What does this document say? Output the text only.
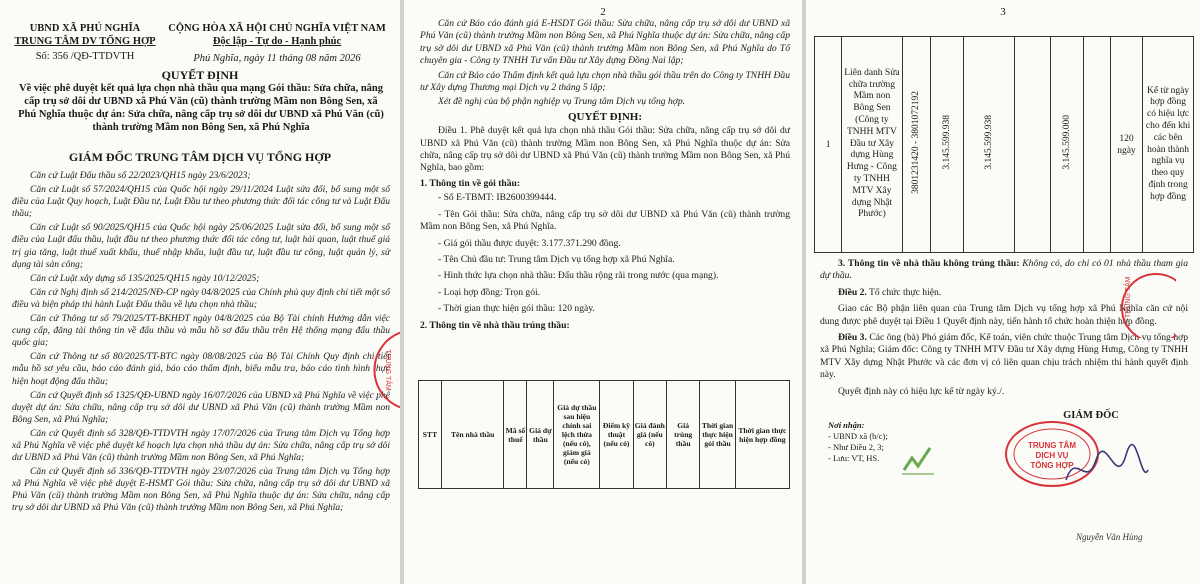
UBND XÃ PHÚ NGHĨA
TRUNG TÂM DV TỔNG HỢP
Số: 356 /QĐ-TTDVTH
CỘNG HÒA XÃ HỘI CHỦ NGHĨA VIỆT NAM
Độc lập - Tự do - Hạnh phúc
Phú Nghĩa, ngày 11 tháng 08 năm 2026
QUYẾT ĐỊNH
Về việc phê duyệt kết quả lựa chọn nhà thầu qua mạng Gói thầu: Sửa chữa, nâng cấp trụ sở dôi dư UBND xã Phú Văn (cũ) thành trường Mầm non Bông Sen, xã Phú Nghĩa thuộc dự án: Sửa chữa, nâng cấp trụ sở dôi dư UBND xã Phú Văn (cũ) thành trường Mầm non Bông Sen, xã Phú Nghĩa
GIÁM ĐỐC TRUNG TÂM DỊCH VỤ TỔNG HỢP

Căn cứ Luật Đấu thầu số 22/2023/QH15 ngày 23/6/2023;

Căn cứ Luật số 57/2024/QH15 của Quốc hội ngày 29/11/2024 Luật sửa đổi, bổ sung một số điều của Luật Quy hoạch, Luật Đầu tư, Luật Đầu tư theo phương thức đối tác công tư và Luật Đấu thầu;

Căn cứ Luật số 90/2025/QH15 của Quốc hội ngày 25/06/2025 Luật sửa đổi, bổ sung một số điều của Luật đấu thầu, luật đầu tư theo phương thức đối tác công tư, luật hải quan, luật thuế giá trị gia tăng, luật thuế xuất khẩu, thuế nhập khẩu, luật đầu tư, luật đầu tư công, luật quản lý, sử dụng tài sản công;

Căn cứ Luật xây dựng số 135/2025/QH15 ngày 10/12/2025;

Căn cứ Nghị định số 214/2025/NĐ-CP ngày 04/8/2025 của Chính phủ quy định chi tiết một số điều và biện pháp thi hành Luật Đấu thầu về lựa chọn nhà thầu;

Căn cứ Thông tư số 79/2025/TT-BKHĐT ngày 04/8/2025 của Bộ Tài chính Hướng dẫn việc cung cấp, đăng tải thông tin về đấu thầu và mẫu hồ sơ đấu thầu trên Hệ thống mạng đấu thầu quốc gia;

Căn cứ Thông tư số 80/2025/TT-BTC ngày 08/08/2025 của Bộ Tài Chính Quy định chi tiết mẫu hồ sơ yêu cầu, báo cáo đánh giá, báo cáo thẩm định, biểu mẫu tra, báo cáo tình hình thực hiện hoạt động đấu thầu;

Căn cứ Quyết định số 1325/QĐ-UBND ngày 16/07/2026 của UBND xã Phú Nghĩa về việc phê duyệt dự án: Sửa chữa, nâng cấp trụ sở dôi dư UBND xã Phú Văn (cũ) thành trường Mầm non Bông Sen, xã Phú Nghĩa;

Căn cứ Quyết định số 328/QĐ-TTDVTH ngày 17/07/2026 của Trung tâm Dịch vụ Tổng hợp xã Phú Nghĩa về việc phê duyệt kế hoạch lựa chọn nhà thầu dự án: Sửa chữa, nâng cấp trụ sở dôi dư UBND xã Phú Văn (cũ) thành trường Mầm non Bông Sen, xã Phú Nghĩa;

Căn cứ Quyết định số 336/QĐ-TTDVTH ngày 23/07/2026 của Trung tâm Dịch vụ Tổng hợp xã Phú Nghĩa về việc phê duyệt E-HSMT Gói thầu: Sửa chữa, nâng cấp trụ sở dôi dư UBND xã Phú Văn (cũ) thành trường Mầm non Bông Sen, xã Phú Nghĩa thuộc dự án: Sửa chữa, nâng cấp trụ sở dôi dư UBND xã Phú Văn (cũ) thành trường Mầm non Bông Sen, xã Phú Nghĩa;

TRUNG TÂM
2

Căn cứ Báo cáo đánh giá E-HSDT Gói thầu: Sửa chữa, nâng cấp trụ sở dôi dư UBND xã Phú Văn (cũ) thành trường Mầm non Bông Sen, xã Phú Nghĩa thuộc dự án: Sửa chữa, nâng cấp trụ sở dôi dư UBND xã Phú Văn (cũ) thành trường Mầm non Bông Sen, xã Phú Nghĩa do Tổ chuyên gia - Công ty TNHH Tư vấn Đầu tư Xây dựng Đồng Nai lập;

Căn cứ Báo cáo Thẩm định kết quả lựa chọn nhà thầu gói thầu trên do Công ty TNHH Đầu tư Xây dựng Thương mại Dịch vụ 2 tháng 5 lập;

Xét đề nghị của bộ phận nghiệp vụ Trung tâm Dịch vụ tổng hợp.

QUYẾT ĐỊNH:

Điều 1. Phê duyệt kết quả lựa chọn nhà thầu Gói thầu: Sửa chữa, nâng cấp trụ sở dôi dư UBND xã Phú Văn (cũ) thành trường Mầm non Bông Sen, xã Phú Nghĩa thuộc dự án: Sửa chữa, nâng cấp trụ sở dôi dư UBND xã Phú Văn (cũ) thành trường Mầm non Bông Sen, xã Phú Nghĩa, bao gồm:

1. Thông tin về gói thầu:

- Số E-TBMT: IB2600399444.

- Tên Gói thầu: Sửa chữa, nâng cấp trụ sở dôi dư UBND xã Phú Văn (cũ) thành trường Mầm non Bông Sen, xã Phú Nghĩa.

- Giá gói thầu được duyệt: 3.177.371.290 đồng.

- Tên Chủ đầu tư: Trung tâm Dịch vụ tổng hợp xã Phú Nghĩa.

- Hình thức lựa chọn nhà thầu: Đấu thầu rộng rãi trong nước (qua mạng).

- Loại hợp đồng: Trọn gói.

- Thời gian thực hiện gói thầu: 120 ngày.

2. Thông tin về nhà thầu trúng thầu:

STT	Tên nhà thầu	Mã số thuế	Giá dự thầu	Giá dự thầu sau hiệu chỉnh sai lệch thừa (nếu có), giảm giá (nếu có)	Điểm kỹ thuật (nếu có)	Giá đánh giá (nếu có)	Giá trúng thầu	Thời gian thực hiện gói thầu	Thời gian thực hiện hợp đồng
3
1	Liên danh Sửa chữa trường Mầm non Bông Sen (Công ty TNHH MTV Đầu tư Xây dựng Hùng Hưng - Công ty TNHH MTV Xây dựng Nhật Phước)	3801231420 - 3801072192	3.145.599.938	3.145.599.938		3.145.599.000		120 ngày	Kể từ ngày hợp đồng có hiệu lực cho đến khi các bên hoàn thành nghĩa vụ theo quy định trong hợp đồng

3. Thông tin về nhà thầu không trúng thầu: Không có, do chỉ có 01 nhà thầu tham gia dự thầu.

Điều 2. Tổ chức thực hiện.

Giao các Bộ phận liên quan của Trung tâm Dịch vụ tổng hợp xã Phú Nghĩa căn cứ nội dung được phê duyệt tại Điều 1 Quyết định này, tiến hành tổ chức hoàn thiện hợp đồng.

Điều 3. Các ông (bà) Phó giám đốc, Kế toán, viên chức thuộc Trung tâm Dịch vụ tổng hợp xã Phú Nghĩa; Giám đốc: Công ty TNHH MTV Đầu tư Xây dựng Hùng Hưng, Công ty TNHH MTV Xây dựng Nhật Phước và các đơn vị có liên quan chịu trách nhiệm thi hành quyết định này.

Quyết định này có hiệu lực kể từ ngày ký./.

Nơi nhận:
- UBND xã (b/c);
- Như Điều 2, 3;
- Lưu: VT, HS.
GIÁM ĐỐC
TRUNG TÂM
DỊCH VỤ
TỔNG HỢP
Nguyễn Văn Hùng
TRUNG TÂM
